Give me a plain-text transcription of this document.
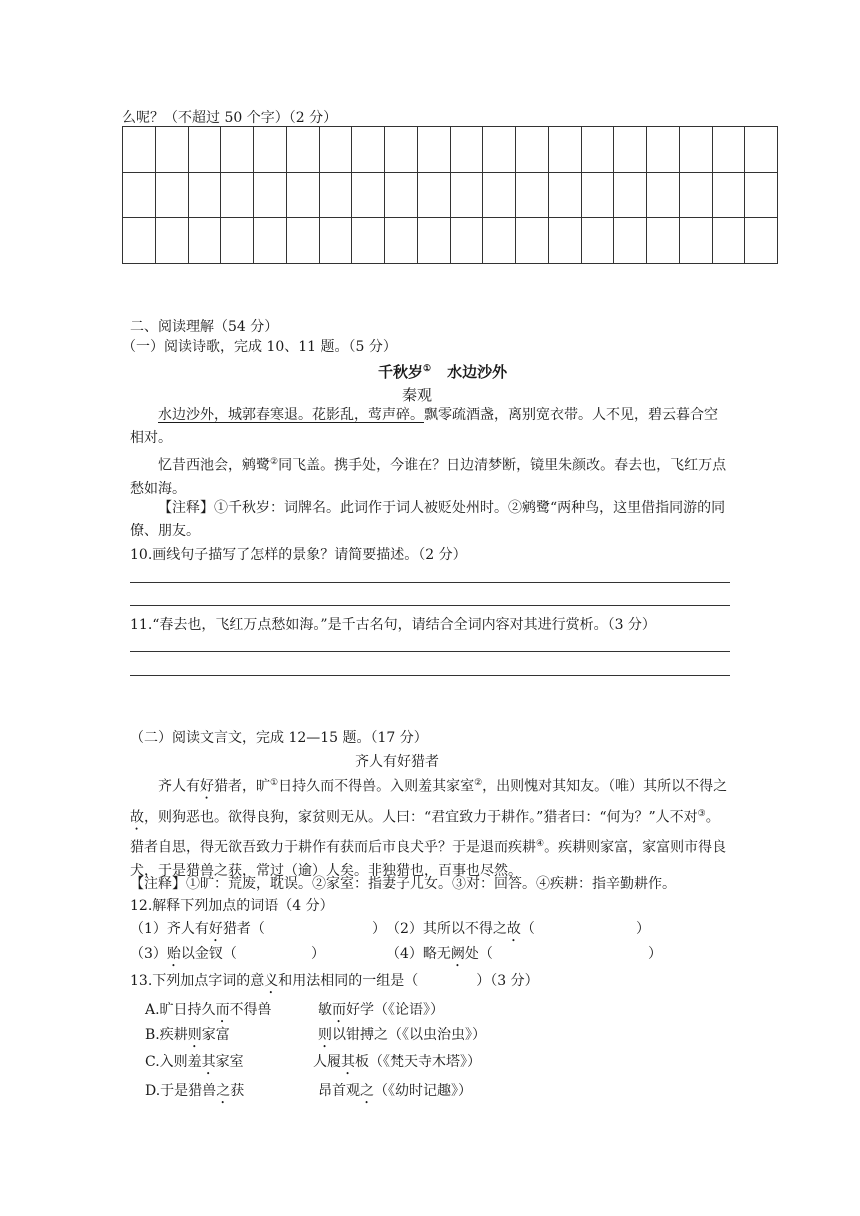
么呢？（不超过 50 个字）（2 分）

二、阅读理解（54 分）
（一）阅读诗歌，完成 10、11 题。（5 分）
千秋岁① 水边沙外
秦观
水边沙外，城郭春寒退。花影乱，莺声碎。飘零疏酒盏，离别宽衣带。人不见，碧云暮合空相对。
忆昔西池会，鹓鹭②同飞盖。携手处，今谁在？日边清梦断，镜里朱颜改。春去也，飞红万点愁如海。
【注释】①千秋岁：词牌名。此词作于词人被贬处州时。②鹓鹭“两种鸟，这里借指同游的同僚、朋友。
10.画线句子描写了怎样的景象？请简要描述。（2 分）
11.“春去也，飞红万点愁如海。”是千古名句，请结合全词内容对其进行赏析。（3 分）
（二）阅读文言文，完成 12—15 题。（17 分）
齐人有好猎者
齐人有好猎者，旷①日持久而不得兽。入则羞其家室②，出则愧对其知友。（唯）其所以不得之故，则狗恶也。欲得良狗，家贫则无从。人曰：“君宜致力于耕作。”猎者曰：“何为？”人不对③。猎者自思，得无欲吾致力于耕作有获而后市良犬乎？于是退而疾耕④。疾耕则家富，家富则市得良犬，于是猎兽之获，常过（逾）人矣。非独猎也，百事也尽然。
【注释】①旷：荒废，耽误。②家室：指妻子儿女。③对：回答。④疾耕：指辛勤耕作。
12.解释下列加点的词语（4 分）
（1）齐人有好猎者（	） （2）其所以不得之故（	）
（3）贻以金钗（	）	（4）略无阙处（	）
13.下列加点字词的意义和用法相同的一组是（	）（3 分）
A.旷日持久而不得兽	敏而好学（《论语》）
B.疾耕则家富	则以钳搏之（《以虫治虫》）
C.入则羞其家室	人履其板（《梵天寺木塔》）
D.于是猎兽之获	昂首观之（《幼时记趣》）
